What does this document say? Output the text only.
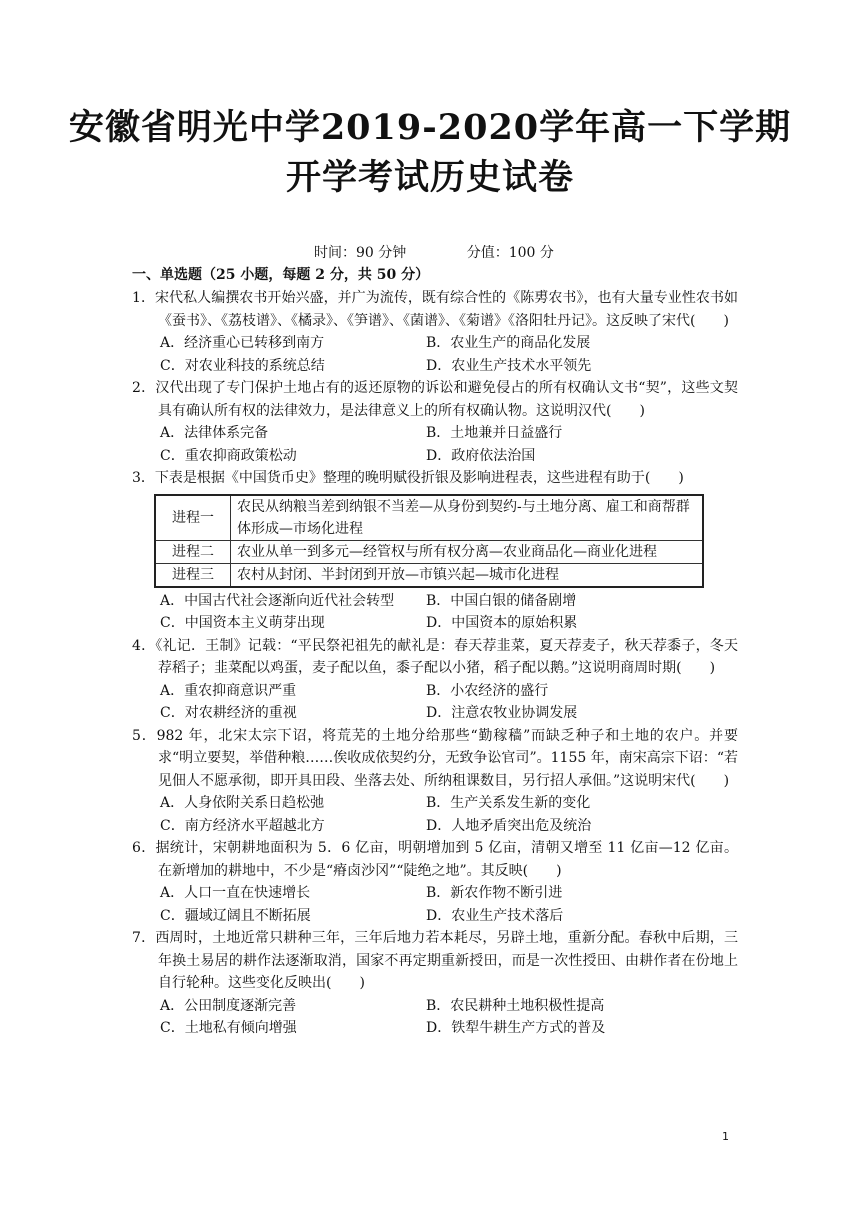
安徽省明光中学2019-2020学年高一下学期
开学考试历史试卷
时间：90 分钟	分值：100 分
一、单选题（25 小题，每题 2 分，共 50 分）
1．宋代私人编撰农书开始兴盛，并广为流传，既有综合性的《陈旉农书》，也有大量专业性农书如《蚕书》、《荔枝谱》、《橘录》、《笋谱》、《菌谱》、《菊谱》《洛阳牡丹记》。这反映了宋代(　　)
A．经济重心已转移到南方	B．农业生产的商品化发展
C．对农业科技的系统总结	D．农业生产技术水平领先
2．汉代出现了专门保护土地占有的返还原物的诉讼和避免侵占的所有权确认文书“契”，这些文契具有确认所有权的法律效力，是法律意义上的所有权确认物。这说明汉代(　　)
A．法律体系完备	B．土地兼并日益盛行
C．重农抑商政策松动	D．政府依法治国
3．下表是根据《中国货币史》整理的晚明赋役折银及影响进程表，这些进程有助于(　　)
进程一	农民从纳粮当差到纳银不当差—从身份到契约-与土地分离、雇工和商帮群体形成—市场化进程
进程二	农业从单一到多元—经管权与所有权分离—农业商品化—商业化进程
进程三	农村从封闭、半封闭到开放—市镇兴起—城市化进程
A．中国古代社会逐渐向近代社会转型	B．中国白银的储备剧增
C．中国资本主义萌芽出现	D．中国资本的原始积累
4．《礼记．王制》记载：“平民祭祀祖先的献礼是：春天荐韭菜，夏天荐麦子，秋天荐黍子，冬天荐稻子；韭菜配以鸡蛋，麦子配以鱼，黍子配以小猪，稻子配以鹅。”这说明商周时期(　　)
A．重农抑商意识严重	B．小农经济的盛行
C．对农耕经济的重视	D．注意农牧业协调发展
5．982 年，北宋太宗下诏，将荒芜的土地分给那些“勤稼穑”而缺乏种子和土地的农户。并要求“明立要契，举借种粮……俟收成依契约分，无致争讼官司”。1155 年，南宋高宗下诏：“若见佃人不愿承彻，即开具田段、坐落去处、所纳租课数目，另行招人承佃。”这说明宋代(　　)
A．人身依附关系日趋松弛	B．生产关系发生新的变化
C．南方经济水平超越北方	D．人地矛盾突出危及统治
6．据统计，宋朝耕地面积为 5．6 亿亩，明朝增加到 5 亿亩，清朝又增至 11 亿亩—12 亿亩。在新增加的耕地中，不少是“瘠卤沙冈”“陡绝之地”。其反映(　　)
A．人口一直在快速增长	B．新农作物不断引进
C．疆域辽阔且不断拓展	D．农业生产技术落后
7．西周时，土地近常只耕种三年，三年后地力若本耗尽，另辟土地，重新分配。春秋中后期，三年换土易居的耕作法逐渐取消，国家不再定期重新授田，而是一次性授田、由耕作者在份地上自行轮种。这些变化反映出(　　)
A．公田制度逐渐完善	B．农民耕种土地积极性提高
C．土地私有倾向增强	D．铁犁牛耕生产方式的普及
1
